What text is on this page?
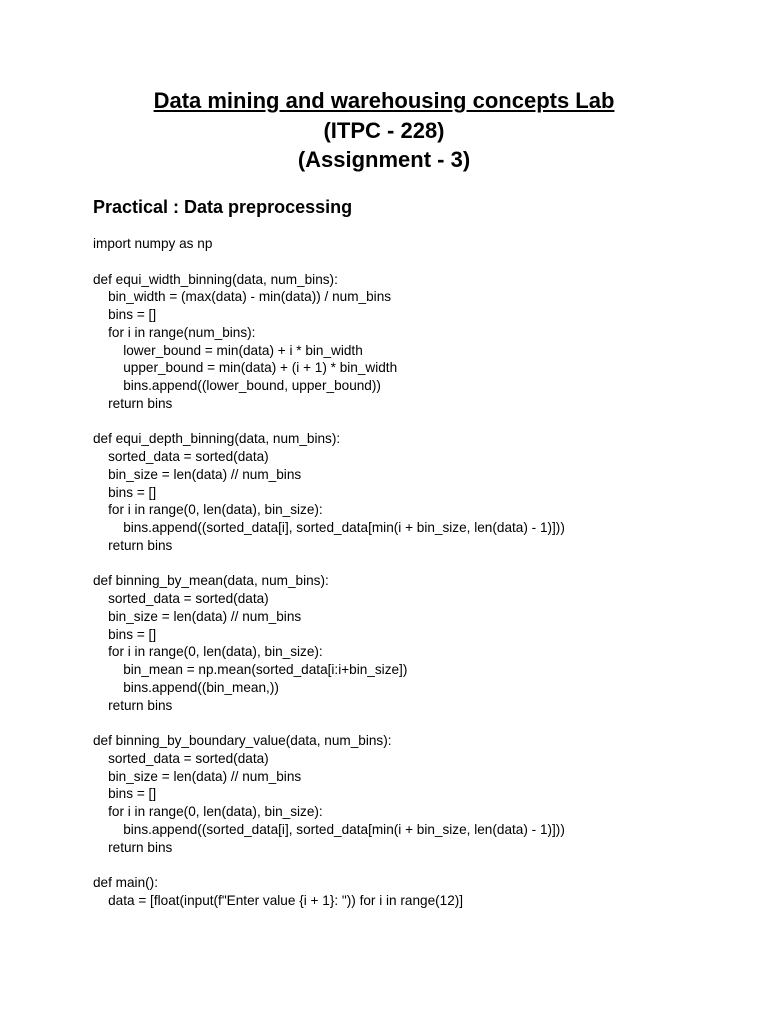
Data mining and warehousing concepts Lab
(ITPC - 228)
(Assignment - 3)
Practical : Data preprocessing
import numpy as np
def equi_width_binning(data, num_bins):
bin_width = (max(data) - min(data)) / num_bins
bins = []
for i in range(num_bins):
lower_bound = min(data) + i * bin_width
upper_bound = min(data) + (i + 1) * bin_width
bins.append((lower_bound, upper_bound))
return bins
def equi_depth_binning(data, num_bins):
sorted_data = sorted(data)
bin_size = len(data) // num_bins
bins = []
for i in range(0, len(data), bin_size):
bins.append((sorted_data[i], sorted_data[min(i + bin_size, len(data) - 1)]))
return bins
def binning_by_mean(data, num_bins):
sorted_data = sorted(data)
bin_size = len(data) // num_bins
bins = []
for i in range(0, len(data), bin_size):
bin_mean = np.mean(sorted_data[i:i+bin_size])
bins.append((bin_mean,))
return bins
def binning_by_boundary_value(data, num_bins):
sorted_data = sorted(data)
bin_size = len(data) // num_bins
bins = []
for i in range(0, len(data), bin_size):
bins.append((sorted_data[i], sorted_data[min(i + bin_size, len(data) - 1)]))
return bins
def main():
data = [float(input(f"Enter value {i + 1}: ")) for i in range(12)]
